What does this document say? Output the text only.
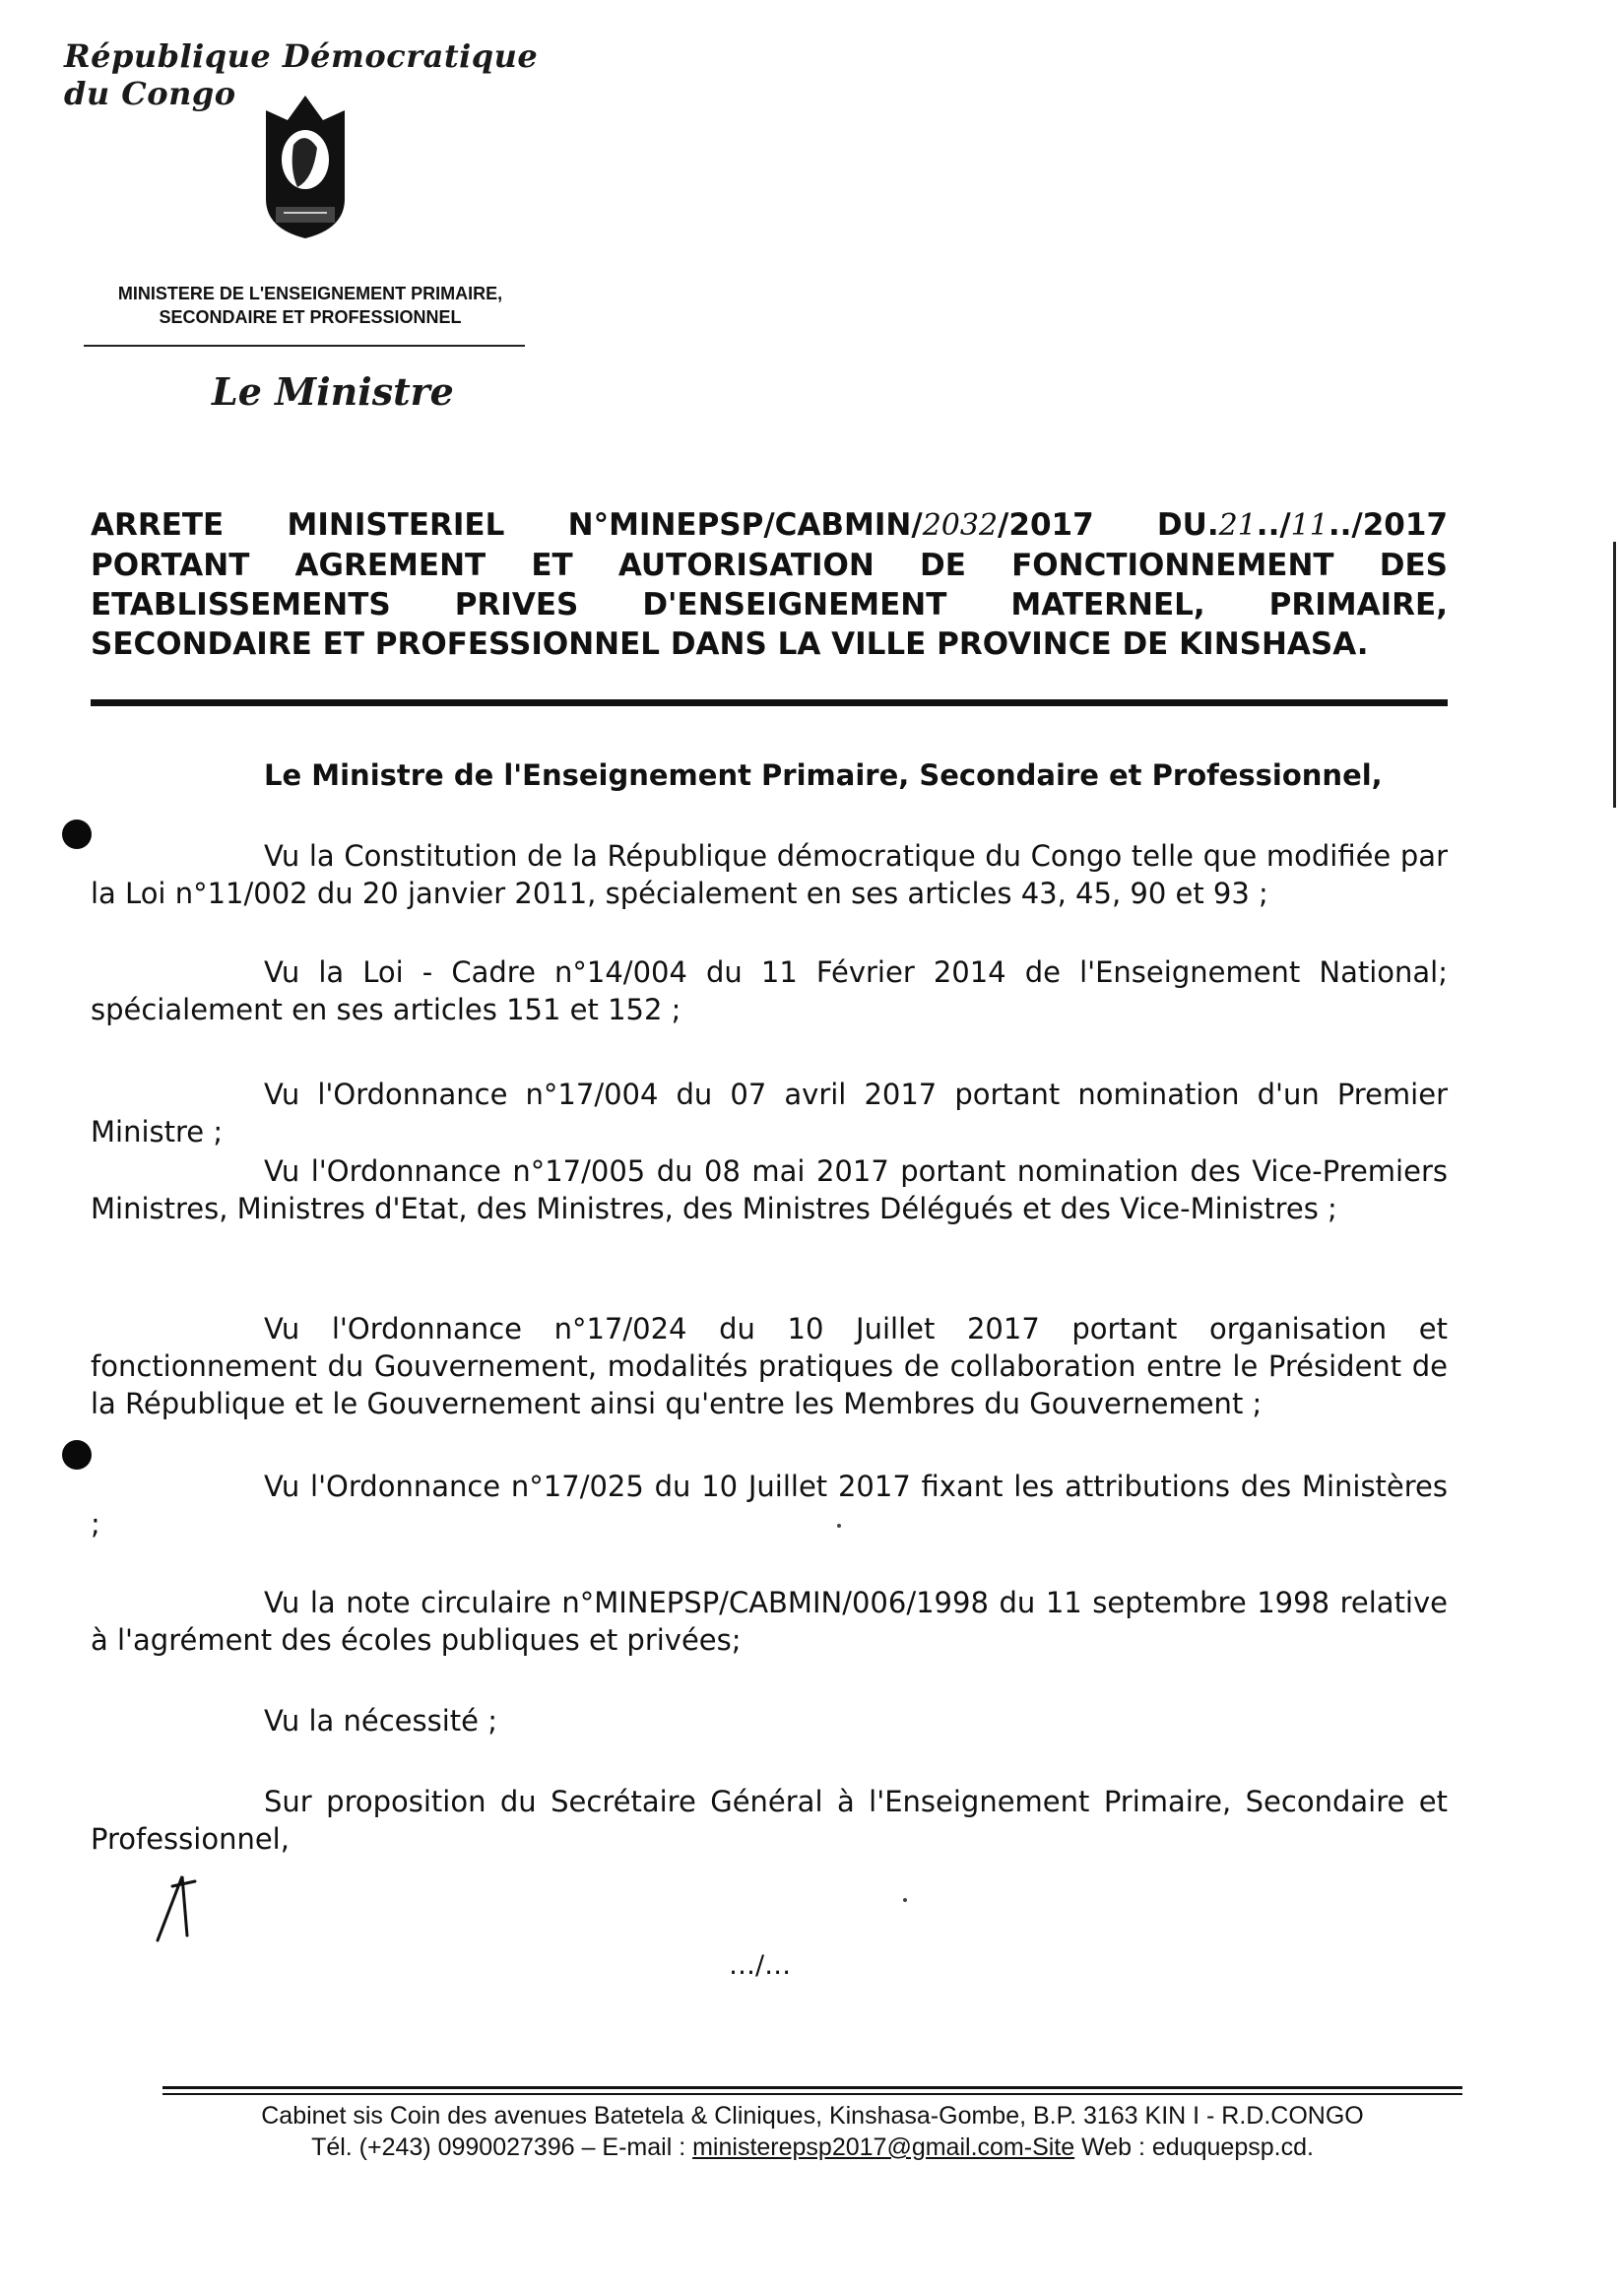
République Démocratique du Congo
MINISTERE DE L'ENSEIGNEMENT PRIMAIRE,
SECONDAIRE ET PROFESSIONNEL
Le Ministre
ARRETE MINISTERIEL N°MINEPSP/CABMIN/2032/2017 DU.21../11../2017
PORTANT AGREMENT ET AUTORISATION DE FONCTIONNEMENT DES
ETABLISSEMENTS PRIVES D'ENSEIGNEMENT MATERNEL, PRIMAIRE,
SECONDAIRE ET PROFESSIONNEL DANS LA VILLE PROVINCE DE KINSHASA.
Le Ministre de l'Enseignement Primaire, Secondaire et Professionnel,
Vu la Constitution de la République démocratique du Congo telle que modifiée par la Loi n°11/002 du 20 janvier 2011, spécialement en ses articles 43, 45, 90 et 93 ;
Vu la Loi - Cadre n°14/004 du 11 Février 2014 de l'Enseignement National; spécialement en ses articles 151 et 152 ;
Vu l'Ordonnance n°17/004 du 07 avril 2017 portant nomination d'un Premier Ministre ;
Vu l'Ordonnance n°17/005 du 08 mai 2017 portant nomination des Vice-Premiers Ministres, Ministres d'Etat, des Ministres, des Ministres Délégués et des Vice-Ministres ;
Vu l'Ordonnance n°17/024 du 10 Juillet 2017 portant organisation et fonctionnement du Gouvernement, modalités pratiques de collaboration entre le Président de la République et le Gouvernement ainsi qu'entre les Membres du Gouvernement ;
Vu l'Ordonnance n°17/025 du 10 Juillet 2017 fixant les attributions des Ministères ;
Vu la note circulaire n°MINEPSP/CABMIN/006/1998 du 11 septembre 1998 relative à l'agrément des écoles publiques et privées;
Vu la nécessité ;
Sur proposition du Secrétaire Général à l'Enseignement Primaire, Secondaire et Professionnel,
…/…
Cabinet sis Coin des avenues Batetela & Cliniques, Kinshasa-Gombe, B.P. 3163 KIN I - R.D.CONGO
Tél. (+243) 0990027396 – E-mail : ministerepsp2017@gmail.com-Site Web : eduquepsp.cd.
